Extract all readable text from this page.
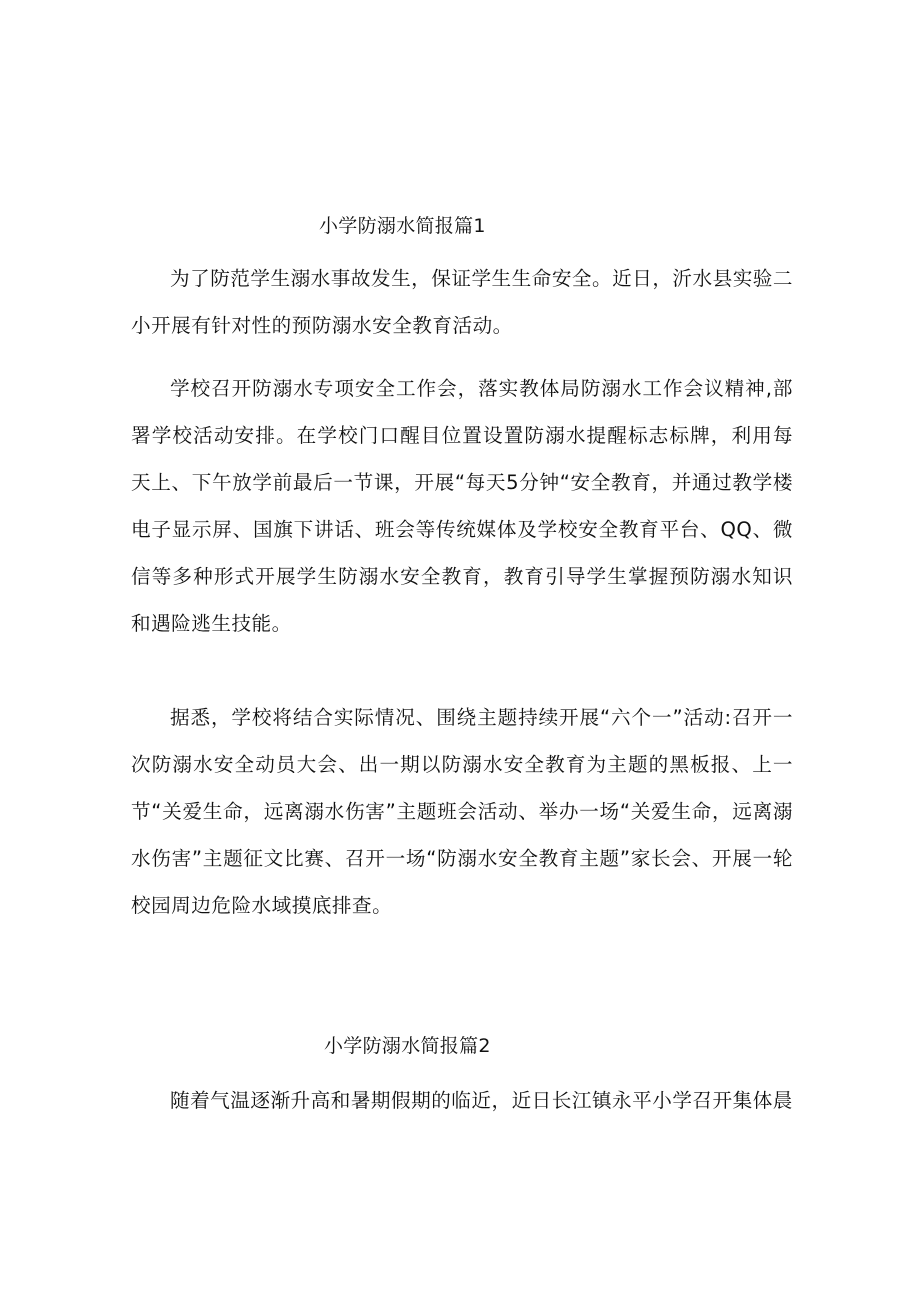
小学防溺水简报篇1

为了防范学生溺水事故发生，保证学生生命安全。近日，沂水县实验二小开展有针对性的预防溺水安全教育活动。

学校召开防溺水专项安全工作会，落实教体局防溺水工作会议精神,部署学校活动安排。在学校门口醒目位置设置防溺水提醒标志标牌，利用每天上、下午放学前最后一节课，开展“每天5分钟“安全教育，并通过教学楼电子显示屏、国旗下讲话、班会等传统媒体及学校安全教育平台、QQ、微信等多种形式开展学生防溺水安全教育，教育引导学生掌握预防溺水知识和遇险逃生技能。

据悉，学校将结合实际情况、围绕主题持续开展“六个一”活动:召开一次防溺水安全动员大会、出一期以防溺水安全教育为主题的黑板报、上一节“关爱生命，远离溺水伤害”主题班会活动、举办一场“关爱生命，远离溺水伤害”主题征文比赛、召开一场“防溺水安全教育主题”家长会、开展一轮校园周边危险水域摸底排查。

小学防溺水简报篇2

随着气温逐渐升高和暑期假期的临近，近日长江镇永平小学召开集体晨
